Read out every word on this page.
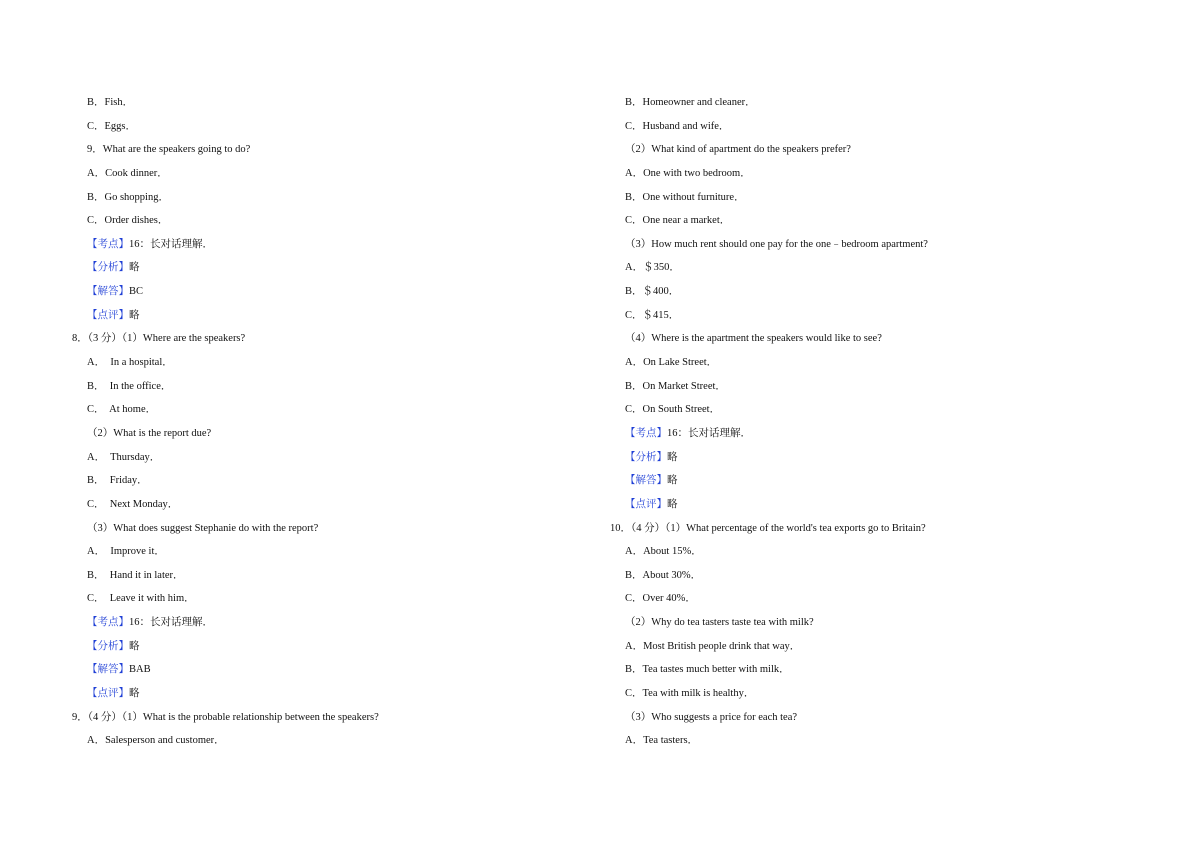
B．Fish．
C．Eggs．
9．What are the speakers going to do?
A．Cook dinner．
B．Go shopping．
C．Order dishes．
【考点】16：长对话理解．
【分析】略
【解答】BC
【点评】略
8．（3 分）（1）Where are the speakers?
A．  In a hospital．
B．  In the office．
C．  At home．
（2）What is the report due?
A．  Thursday．
B．  Friday．
C．  Next Monday．
（3）What does suggest Stephanie do with the report?
A．  Improve it．
B．  Hand it in later．
C．  Leave it with him．
【考点】16：长对话理解．
【分析】略
【解答】BAB
【点评】略
9．（4 分）（1）What is the probable relationship between the speakers?
A．Salesperson and customer．
B．Homeowner and cleaner．
C．Husband and wife．
（2）What kind of apartment do the speakers prefer?
A．One with two bedroom．
B．One without furniture．
C．One near a market．
（3）How much rent should one pay for the one﹣bedroom apartment?
A．＄350．
B．＄400．
C．＄415．
（4）Where is the apartment the speakers would like to see?
A．On Lake Street．
B．On Market Street．
C．On South Street．
【考点】16：长对话理解．
【分析】略
【解答】略
【点评】略
10．（4 分）（1）What percentage of the world's tea exports go to Britain?
A．About 15%．
B．About 30%．
C．Over 40%．
（2）Why do tea tasters taste tea with milk?
A．Most British people drink that way．
B．Tea tastes much better with milk．
C．Tea with milk is healthy．
（3）Who suggests a price for each tea?
A．Tea tasters．
